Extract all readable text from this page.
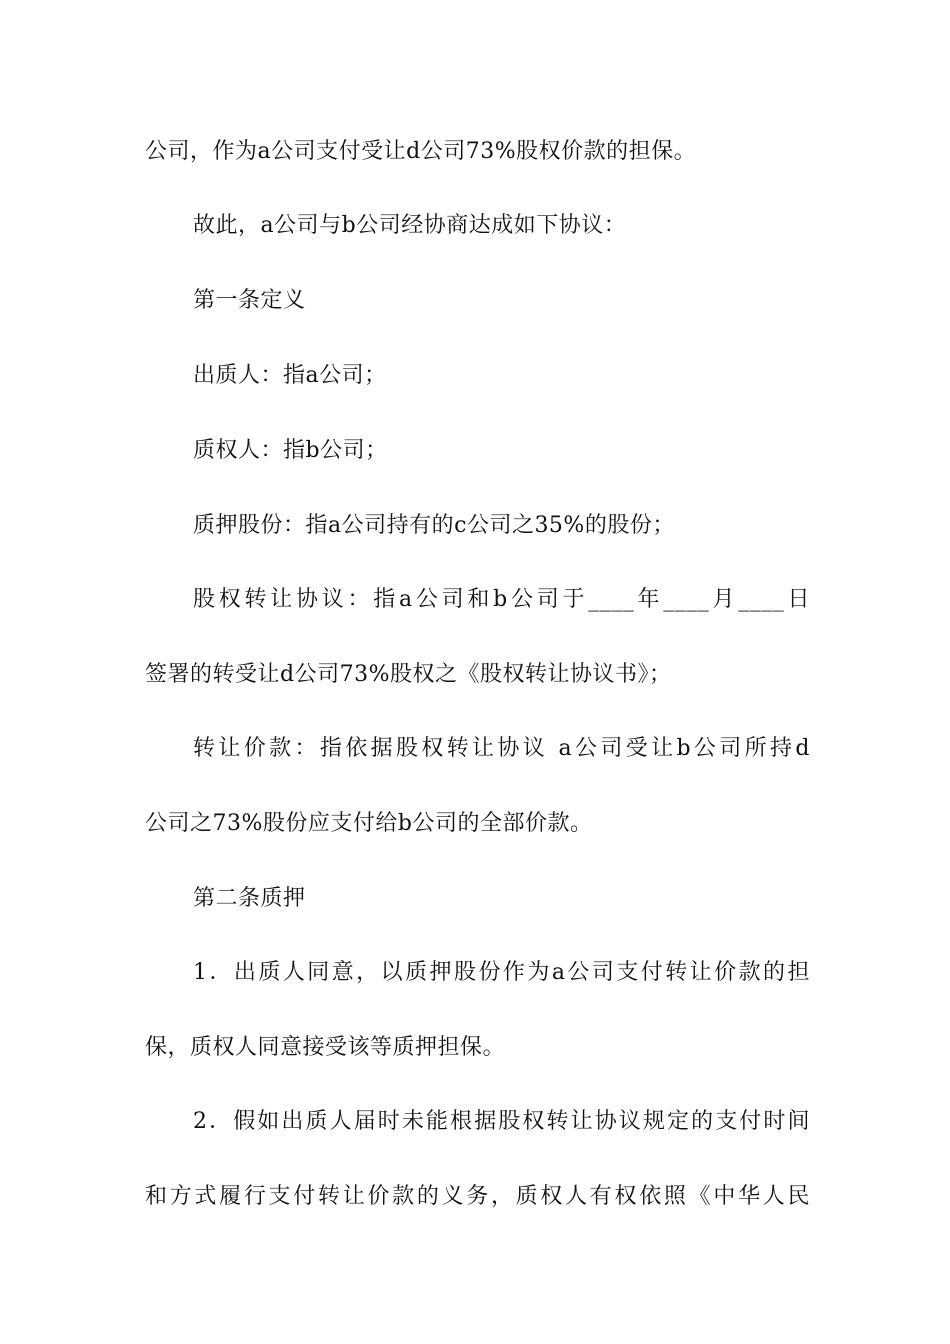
公司，作为a公司支付受让d公司73%股权价款的担保。
故此，a公司与b公司经协商达成如下协议：
第一条定义
出质人：指a公司；
质权人：指b公司；
质押股份：指a公司持有的c公司之35%的股份；
股权转让协议：指a公司和b公司于____年____月____日
签署的转受让d公司73%股权之《股权转让协议书》；
转让价款：指依据股权转让协议 a公司受让b公司所持d
公司之73%股份应支付给b公司的全部价款。
第二条质押
1．出质人同意，以质押股份作为a公司支付转让价款的担
保，质权人同意接受该等质押担保。
2．假如出质人届时未能根据股权转让协议规定的支付时间
和方式履行支付转让价款的义务，质权人有权依照《中华人民
